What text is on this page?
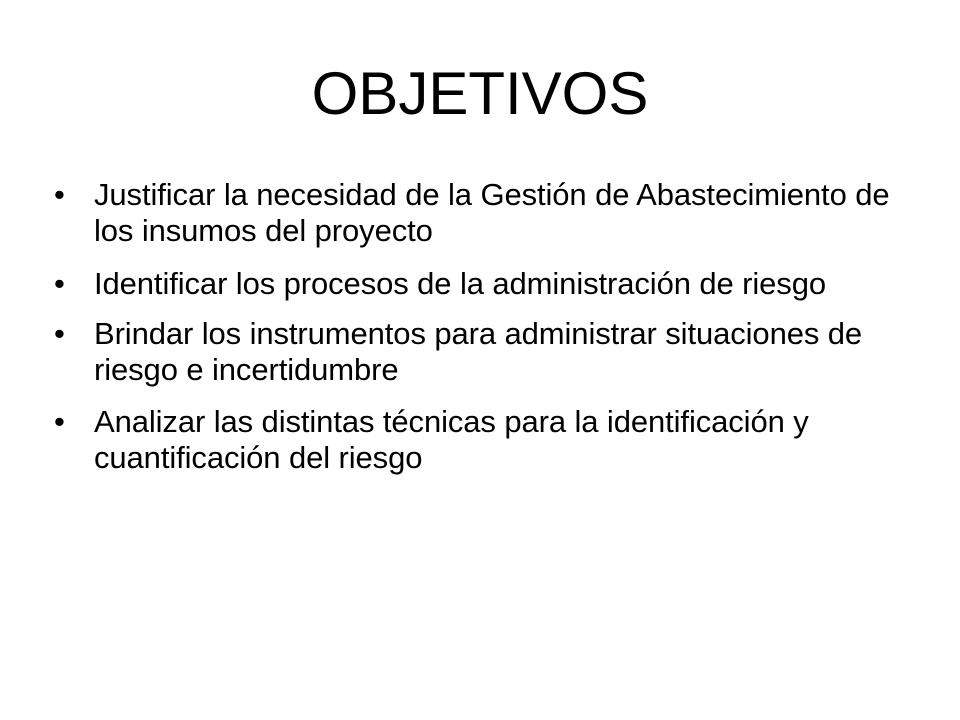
OBJETIVOS
• Justificar la necesidad de la Gestión de Abastecimiento de los insumos del proyecto
• Identificar los procesos de la administración de riesgo
• Brindar los instrumentos para administrar situaciones de riesgo e incertidumbre
• Analizar las distintas técnicas para la identificación y cuantificación del riesgo
